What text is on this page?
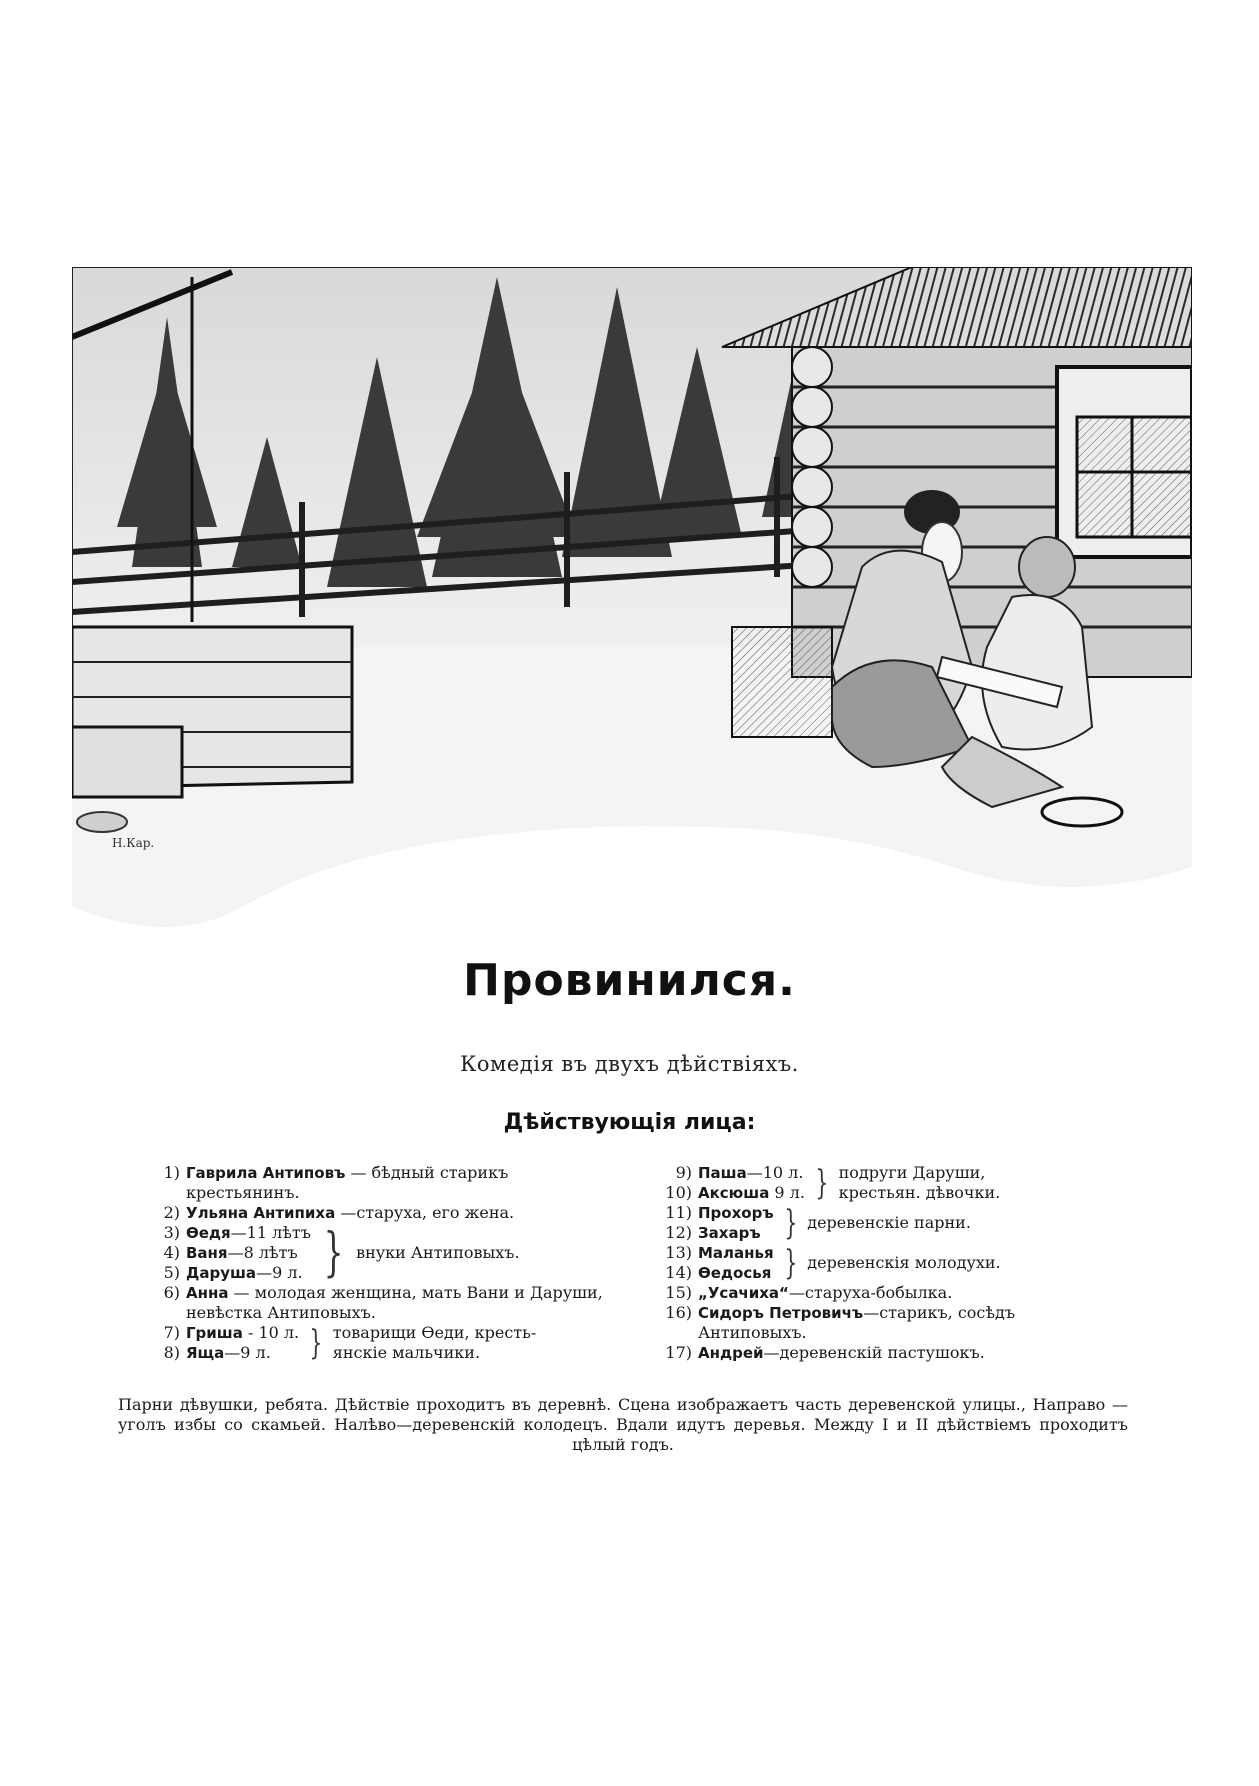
Н.Кар.
Провинился.
Комедія въ двухъ дѣйствіяхъ.
Дѣйствующія лица:
1) Гаврила Антиповъ — бѣдный старикъ крестьянинъ.
2) Ульяна Антипиха —старуха, его жена.
3) Ѳедя—11 лѣтъ
4) Ваня—8 лѣтъ
5) Даруша—9 л. } внуки Антиповыхъ.
6) Анна — молодая женщина, мать Вани и Даруши, невѣстка Антиповыхъ.
7) Гриша - 10 л.
8) Яща—9 л.	} товарищи Ѳеди, кресть-
янскіе мальчики.
9) Паша—10 л.
10) Аксюша 9 л. } подруги Даруши,
крестьян. дѣвочки.
11) Прохоръ
12) Захаръ } деревенскіе парни.
13) Маланья
14) Ѳедосья } деревенскія молодухи.
15) „Усачиха“—старуха-бобылка.
16) Сидоръ Петровичъ—старикъ, сосѣдъ Антиповыхъ.
17) Андрей—деревенскій пастушокъ.
Парни дѣвушки, ребята. Дѣйствіе проходитъ въ деревнѣ. Сцена изображаетъ часть деревенской улицы., Направо — уголъ избы со скамьей. Налѣво—деревенскій колодецъ. Вдали идутъ деревья. Между I и II дѣйствіемъ проходитъ цѣлый годъ.
